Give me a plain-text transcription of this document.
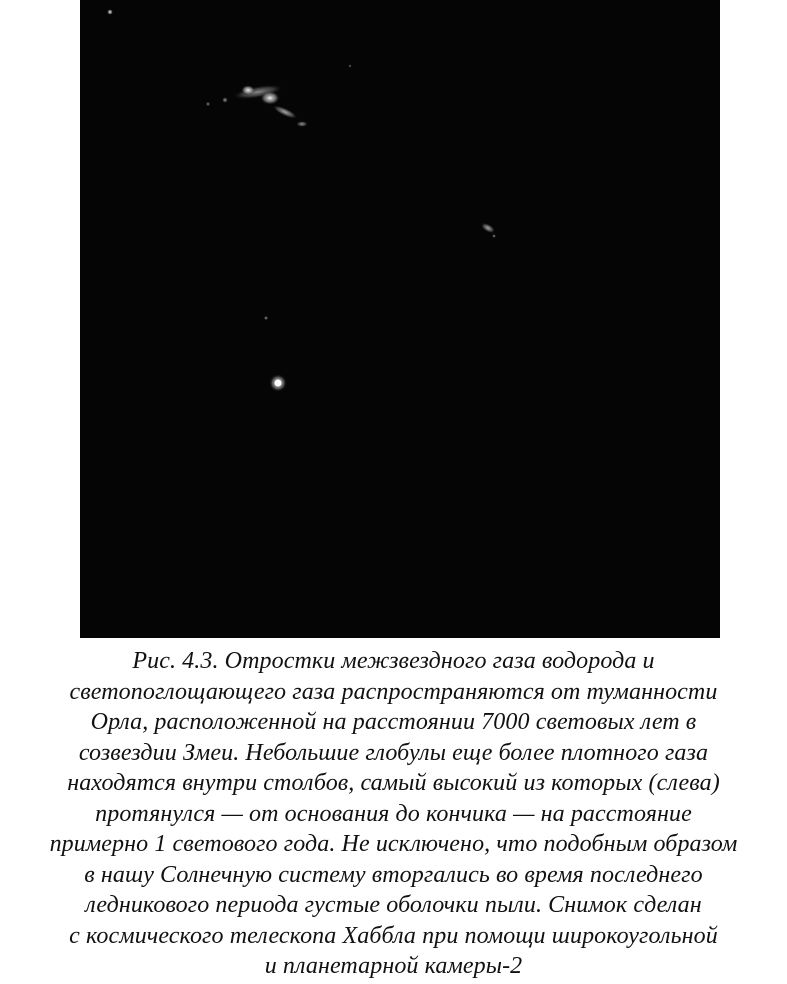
Рис. 4.3. Отростки межзвездного газа водорода и
светопоглощающего газа распространяются от туманности
Орла, расположенной на расстоянии 7000 световых лет в
созвездии Змеи. Небольшие глобулы еще более плотного газа
находятся внутри столбов, самый высокий из которых (слева)
протянулся — от основания до кончика — на расстояние
примерно 1 светового года. Не исключено, что подобным образом
в нашу Солнечную систему вторгались во время последнего
ледникового периода густые оболочки пыли. Снимок сделан
с космического телескопа Хаббла при помощи широкоугольной
и планетарной камеры-2
